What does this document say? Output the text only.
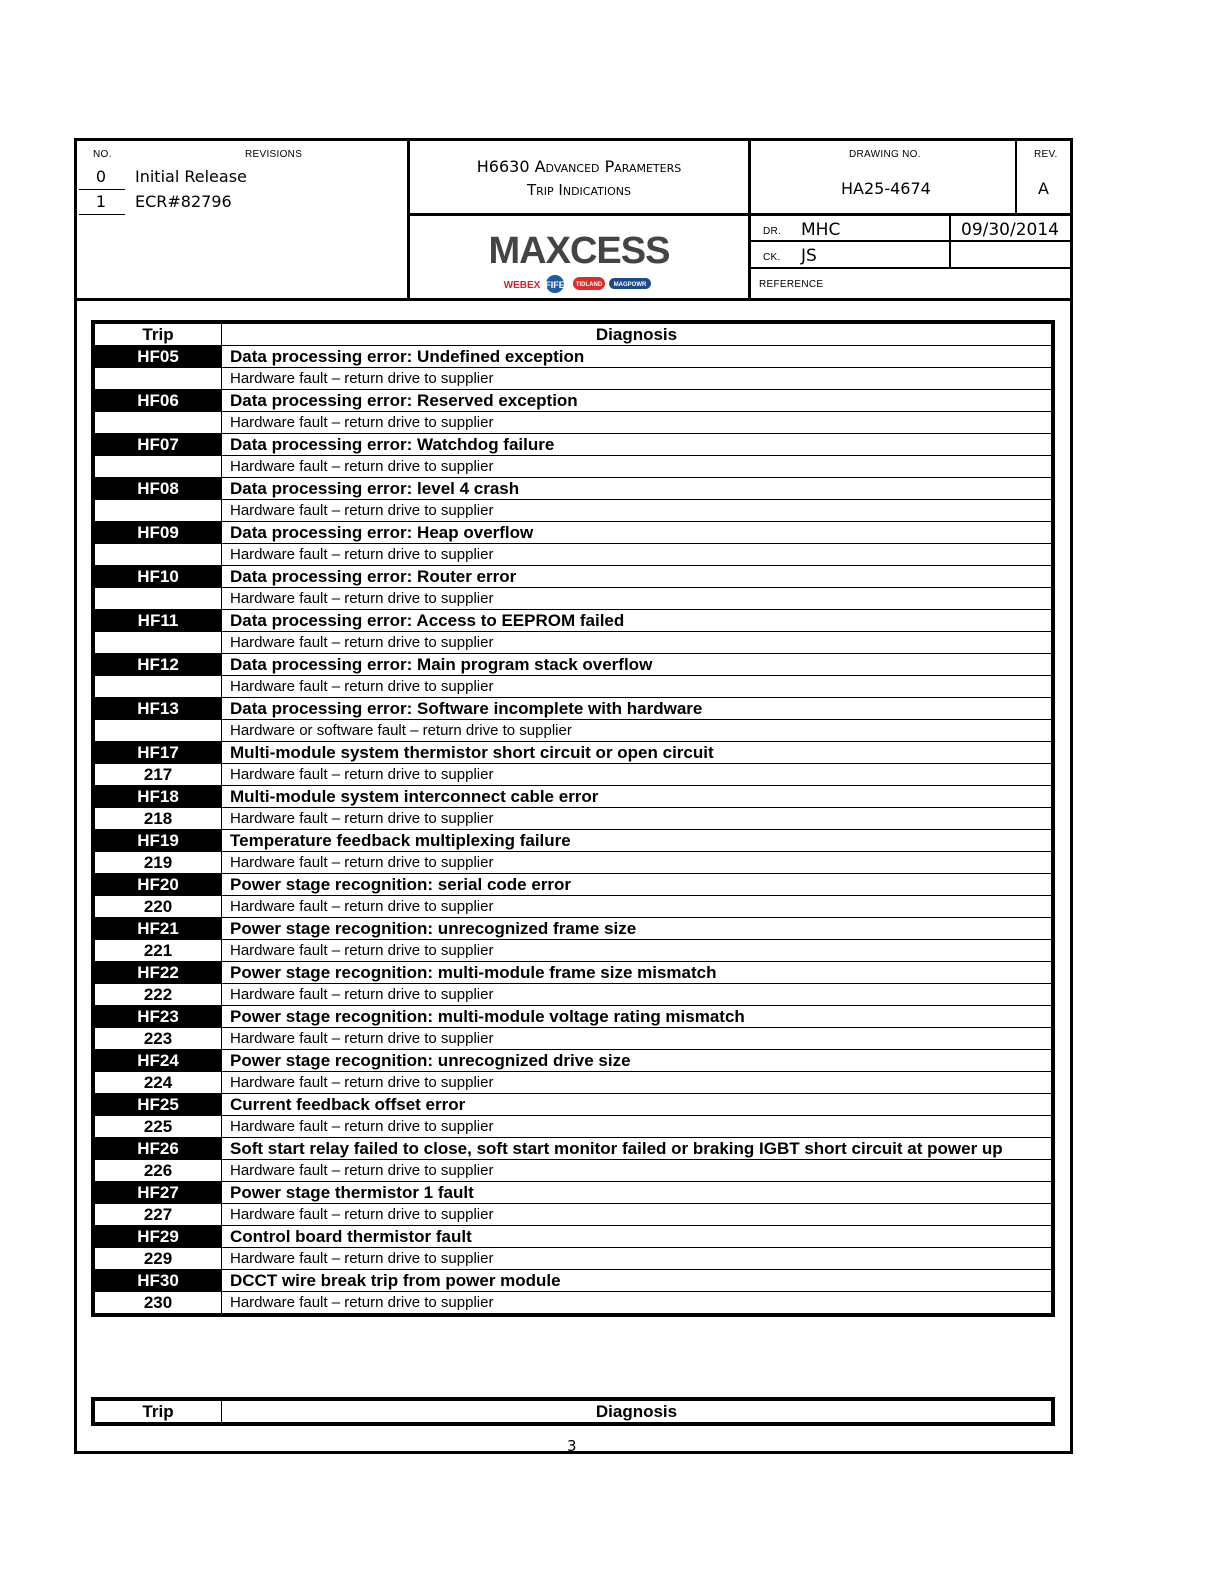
NO.	REVISIONS
0	Initial Release
1	ECR#82796
H6630 Advanced Parameters
Trip Indications
MAXCESS
WEBEX FIFE TIDLAND MAGPOWR
DRAWING NO.	REV.
HA25-4674	A
DR. MHC	09/30/2014
CK. JS
REFERENCE
Trip	Diagnosis
HF05	Data processing error: Undefined exception
	Hardware fault – return drive to supplier
HF06	Data processing error: Reserved exception
	Hardware fault – return drive to supplier
HF07	Data processing error: Watchdog failure
	Hardware fault – return drive to supplier
HF08	Data processing error: level 4 crash
	Hardware fault – return drive to supplier
HF09	Data processing error: Heap overflow
	Hardware fault – return drive to supplier
HF10	Data processing error: Router error
	Hardware fault – return drive to supplier
HF11	Data processing error: Access to EEPROM failed
	Hardware fault – return drive to supplier
HF12	Data processing error: Main program stack overflow
	Hardware fault – return drive to supplier
HF13	Data processing error: Software incomplete with hardware
	Hardware or software fault – return drive to supplier
HF17	Multi-module system thermistor short circuit or open circuit
217	Hardware fault – return drive to supplier
HF18	Multi-module system interconnect cable error
218	Hardware fault – return drive to supplier
HF19	Temperature feedback multiplexing failure
219	Hardware fault – return drive to supplier
HF20	Power stage recognition: serial code error
220	Hardware fault – return drive to supplier
HF21	Power stage recognition: unrecognized frame size
221	Hardware fault – return drive to supplier
HF22	Power stage recognition: multi-module frame size mismatch
222	Hardware fault – return drive to supplier
HF23	Power stage recognition: multi-module voltage rating mismatch
223	Hardware fault – return drive to supplier
HF24	Power stage recognition: unrecognized drive size
224	Hardware fault – return drive to supplier
HF25	Current feedback offset error
225	Hardware fault – return drive to supplier
HF26	Soft start relay failed to close, soft start monitor failed or braking IGBT short circuit at power up
226	Hardware fault – return drive to supplier
HF27	Power stage thermistor 1 fault
227	Hardware fault – return drive to supplier
HF29	Control board thermistor fault
229	Hardware fault – return drive to supplier
HF30	DCCT wire break trip from power module
230	Hardware fault – return drive to supplier
Trip	Diagnosis
3
